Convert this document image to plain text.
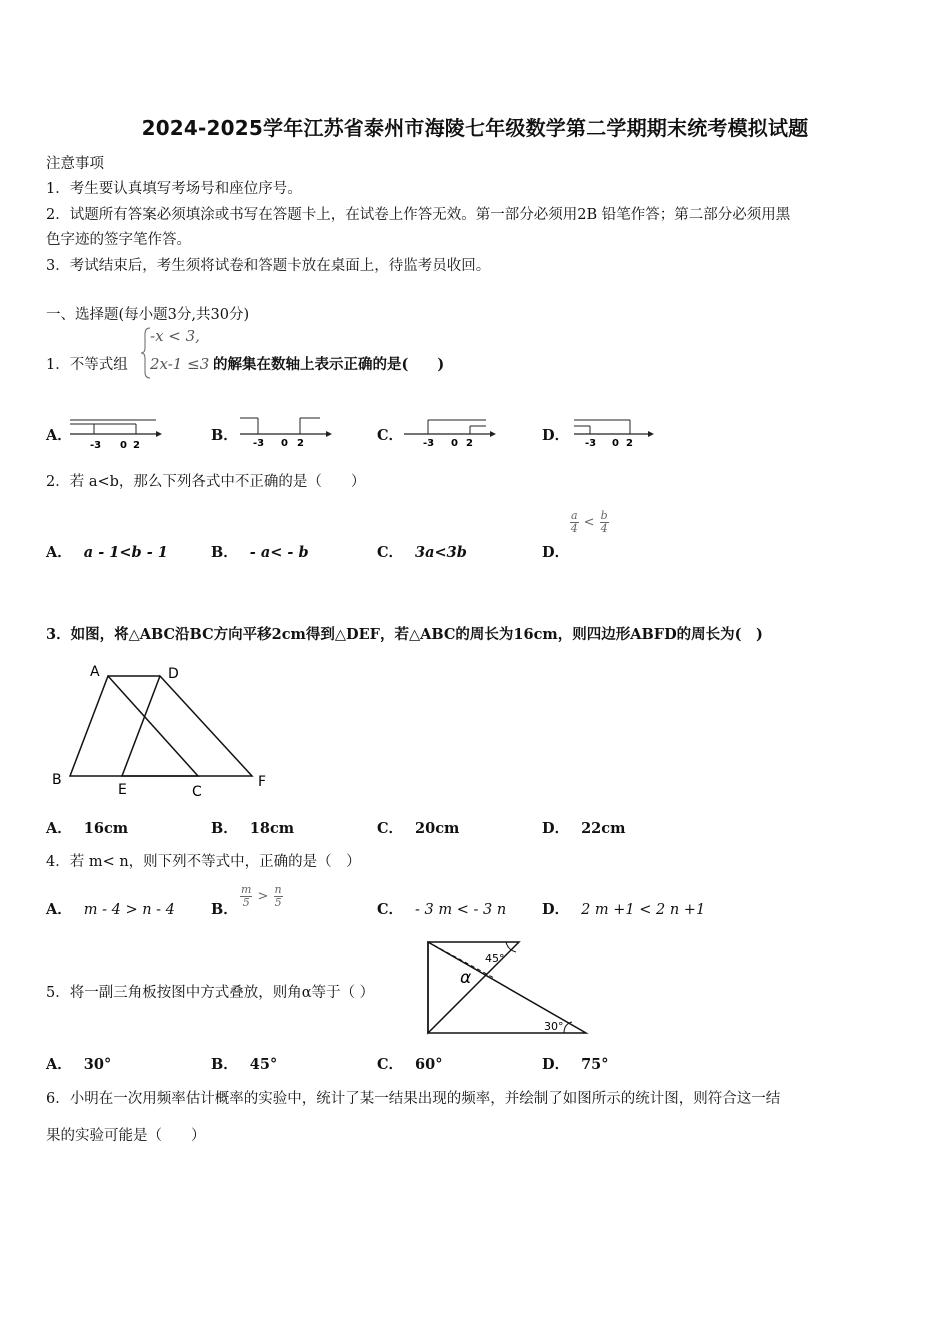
2024-2025学年江苏省泰州市海陵七年级数学第二学期期末统考模拟试题
注意事项
1．考生要认真填写考场号和座位序号。
2．试题所有答案必须填涂或书写在答题卡上，在试卷上作答无效。第一部分必须用2B 铅笔作答；第二部分必须用黑
色字迹的签字笔作答。
3．考试结束后，考生须将试卷和答题卡放在桌面上，待监考员收回。
一、选择题(每小题3分,共30分)
1．不等式组
-x < 3,
2x-1 ≤3 的解集在数轴上表示正确的是(　　)
A．
-3 0 2
B． -3 0 2	C． -3 0 2	D． -3 0 2
2．若 a<b，那么下列各式中不正确的是（　　）
A． a - 1<b - 1	B． - a< - b	C． 3a<3b	D．
$\frac{a}{4} < \frac{b}{4}$
3．如图，将△ABC沿BC方向平移2cm得到△DEF，若△ABC的周长为16cm，则四边形ABFD的周长为(　)
A	D
B
E	C
F
A． 16cm	B． 18cm	C． 20cm	D． 22cm
4．若 m< n，则下列不等式中，正确的是（　）
A． m - 4 > n - 4 B．
$\frac{m}{5} > \frac{n}{5}$
C． - 3 m < - 3 n D． 2 m +1 < 2 n +1
5．将一副三角板按图中方式叠放，则角α等于（ ）
45°
α
30°
A． 30°	B． 45°	C． 60°	D． 75°
6．小明在一次用频率估计概率的实验中，统计了某一结果出现的频率，并绘制了如图所示的统计图，则符合这一结
果的实验可能是（　　）
